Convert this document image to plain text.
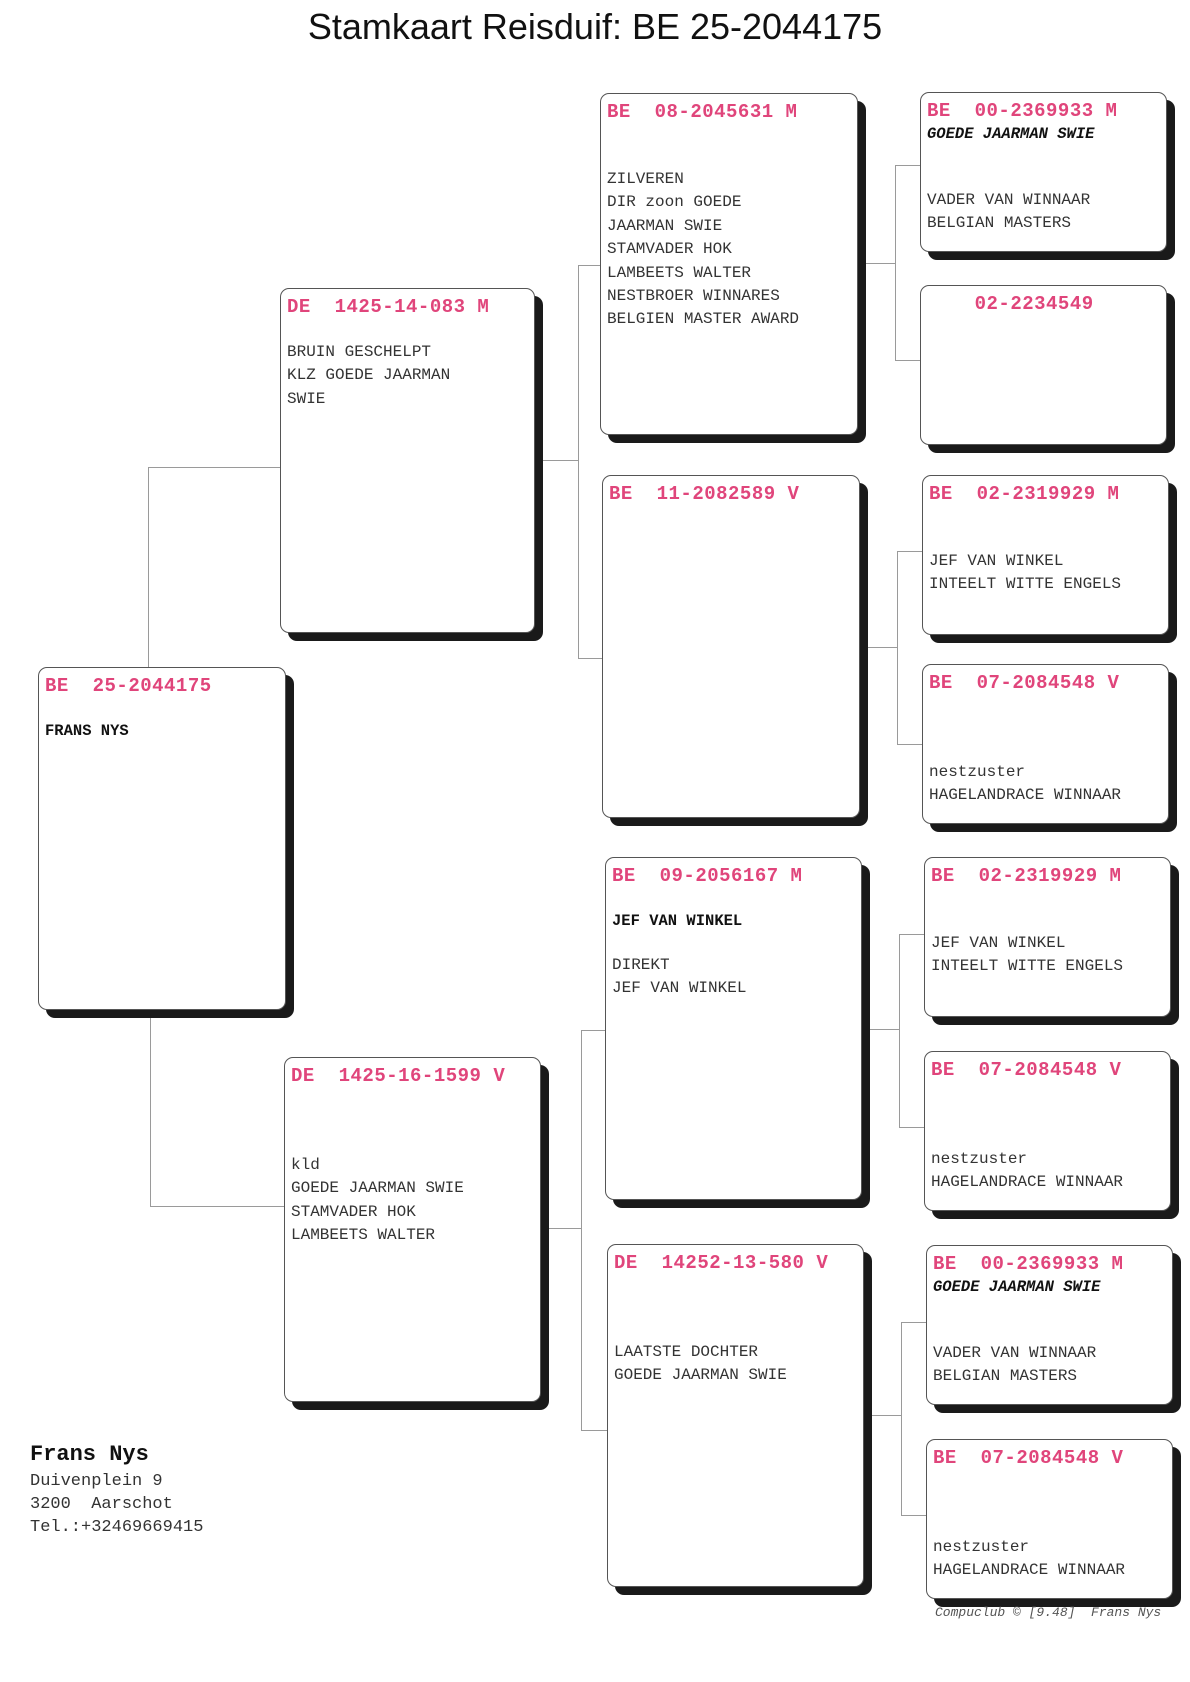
Stamkaart Reisduif: BE 25-2044175
BE  25-2044175
FRANS NYS
DE  1425-14-083 M
BRUIN GESCHELPT
KLZ GOEDE JAARMAN
SWIE
DE  1425-16-1599 V
kld
GOEDE JAARMAN SWIE
STAMVADER HOK
LAMBEETS WALTER
BE  08-2045631 M
ZILVEREN
DIR zoon GOEDE
JAARMAN SWIE
STAMVADER HOK
LAMBEETS WALTER
NESTBROER WINNARES
BELGIEN MASTER AWARD
BE  11-2082589 V
BE  09-2056167 M
JEF VAN WINKEL
DIREKT
JEF VAN WINKEL
DE  14252-13-580 V
LAATSTE DOCHTER
GOEDE JAARMAN SWIE
BE  00-2369933 M
GOEDE JAARMAN SWIE
VADER VAN WINNAAR
BELGIAN MASTERS
02-2234549
BE  02-2319929 M
JEF VAN WINKEL
INTEELT WITTE ENGELS
BE  07-2084548 V
nestzuster
HAGELANDRACE WINNAAR
BE  02-2319929 M
JEF VAN WINKEL
INTEELT WITTE ENGELS
BE  07-2084548 V
nestzuster
HAGELANDRACE WINNAAR
BE  00-2369933 M
GOEDE JAARMAN SWIE
VADER VAN WINNAAR
BELGIAN MASTERS
BE  07-2084548 V
nestzuster
HAGELANDRACE WINNAAR
Frans Nys
Duivenplein 9
3200  Aarschot
Tel.:+32469669415
Compuclub © [9.48]  Frans Nys
